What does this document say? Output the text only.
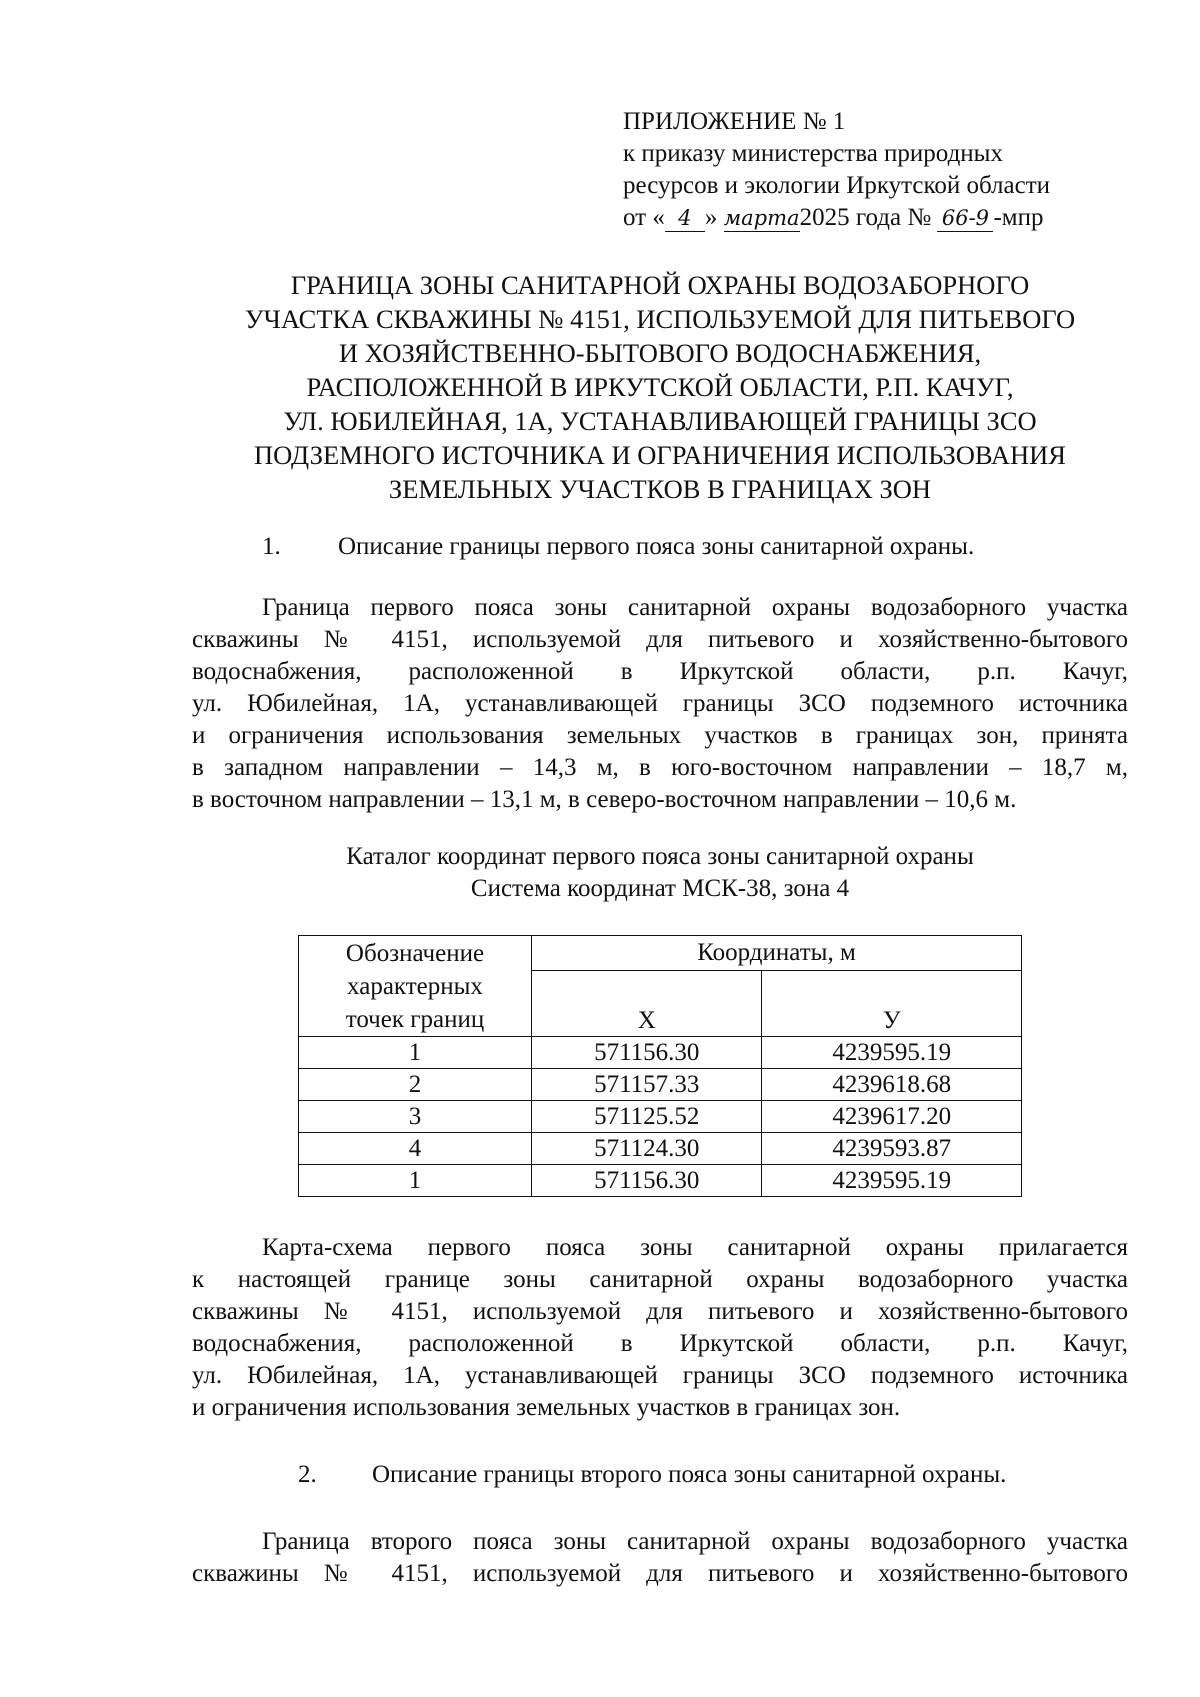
ПРИЛОЖЕНИЕ № 1
к приказу министерства природных
ресурсов и экологии Иркутской области
от « 4 » марта2025 года № 66-9 -мпр
ГРАНИЦА ЗОНЫ САНИТАРНОЙ ОХРАНЫ ВОДОЗАБОРНОГО
УЧАСТКА СКВАЖИНЫ № 4151, ИСПОЛЬЗУЕМОЙ ДЛЯ ПИТЬЕВОГО
И ХОЗЯЙСТВЕННО-БЫТОВОГО ВОДОСНАБЖЕНИЯ,
РАСПОЛОЖЕННОЙ В ИРКУТСКОЙ ОБЛАСТИ, Р.П. КАЧУГ,
УЛ. ЮБИЛЕЙНАЯ, 1А, УСТАНАВЛИВАЮЩЕЙ ГРАНИЦЫ ЗСО
ПОДЗЕМНОГО ИСТОЧНИКА И ОГРАНИЧЕНИЯ ИСПОЛЬЗОВАНИЯ
ЗЕМЕЛЬНЫХ УЧАСТКОВ В ГРАНИЦАХ ЗОН
1. Описание границы первого пояса зоны санитарной охраны.
Граница первого пояса зоны санитарной охраны водозаборного участка
скважины № 4151, используемой для питьевого и хозяйственно-бытового
водоснабжения, расположенной в Иркутской области, р.п. Качуг,
ул. Юбилейная, 1А, устанавливающей границы ЗСО подземного источника
и ограничения использования земельных участков в границах зон, принята
в западном направлении – 14,3 м, в юго-восточном направлении – 18,7 м,
в восточном направлении – 13,1 м, в северо-восточном направлении – 10,6 м.
Каталог координат первого пояса зоны санитарной охраны
Система координат МСК-38, зона 4
Обозначение
характерных
точек границ	Координаты, м	
	Х	У
1	571156.30	4239595.19
2	571157.33	4239618.68
3	571125.52	4239617.20
4	571124.30	4239593.87
1	571156.30	4239595.19
Карта-схема первого пояса зоны санитарной охраны прилагается
к настоящей границе зоны санитарной охраны водозаборного участка
скважины № 4151, используемой для питьевого и хозяйственно-бытового
водоснабжения, расположенной в Иркутской области, р.п. Качуг,
ул. Юбилейная, 1А, устанавливающей границы ЗСО подземного источника
и ограничения использования земельных участков в границах зон.
2. Описание границы второго пояса зоны санитарной охраны.
Граница второго пояса зоны санитарной охраны водозаборного участка
скважины № 4151, используемой для питьевого и хозяйственно-бытового
